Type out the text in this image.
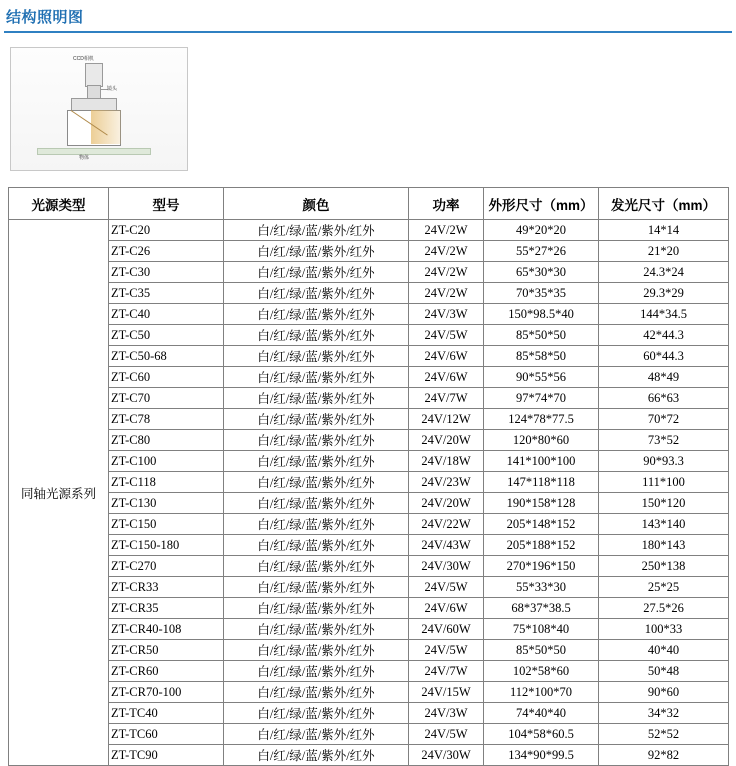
结构照明图
CCD相机
镜头
物体
光源类型	型号	颜色	功率	外形尺寸（mm）	发光尺寸（mm）
同轴光源系列	ZT-C20	白/红/绿/蓝/紫外/红外	24V/2W	49*20*20	14*14
	ZT-C26	白/红/绿/蓝/紫外/红外	24V/2W	55*27*26	21*20
	ZT-C30	白/红/绿/蓝/紫外/红外	24V/2W	65*30*30	24.3*24
	ZT-C35	白/红/绿/蓝/紫外/红外	24V/2W	70*35*35	29.3*29
	ZT-C40	白/红/绿/蓝/紫外/红外	24V/3W	150*98.5*40	144*34.5
	ZT-C50	白/红/绿/蓝/紫外/红外	24V/5W	85*50*50	42*44.3
	ZT-C50-68	白/红/绿/蓝/紫外/红外	24V/6W	85*58*50	60*44.3
	ZT-C60	白/红/绿/蓝/紫外/红外	24V/6W	90*55*56	48*49
	ZT-C70	白/红/绿/蓝/紫外/红外	24V/7W	97*74*70	66*63
	ZT-C78	白/红/绿/蓝/紫外/红外	24V/12W	124*78*77.5	70*72
	ZT-C80	白/红/绿/蓝/紫外/红外	24V/20W	120*80*60	73*52
	ZT-C100	白/红/绿/蓝/紫外/红外	24V/18W	141*100*100	90*93.3
	ZT-C118	白/红/绿/蓝/紫外/红外	24V/23W	147*118*118	111*100
	ZT-C130	白/红/绿/蓝/紫外/红外	24V/20W	190*158*128	150*120
	ZT-C150	白/红/绿/蓝/紫外/红外	24V/22W	205*148*152	143*140
	ZT-C150-180	白/红/绿/蓝/紫外/红外	24V/43W	205*188*152	180*143
	ZT-C270	白/红/绿/蓝/紫外/红外	24V/30W	270*196*150	250*138
	ZT-CR33	白/红/绿/蓝/紫外/红外	24V/5W	55*33*30	25*25
	ZT-CR35	白/红/绿/蓝/紫外/红外	24V/6W	68*37*38.5	27.5*26
	ZT-CR40-108	白/红/绿/蓝/紫外/红外	24V/60W	75*108*40	100*33
	ZT-CR50	白/红/绿/蓝/紫外/红外	24V/5W	85*50*50	40*40
	ZT-CR60	白/红/绿/蓝/紫外/红外	24V/7W	102*58*60	50*48
	ZT-CR70-100	白/红/绿/蓝/紫外/红外	24V/15W	112*100*70	90*60
	ZT-TC40	白/红/绿/蓝/紫外/红外	24V/3W	74*40*40	34*32
	ZT-TC60	白/红/绿/蓝/紫外/红外	24V/5W	104*58*60.5	52*52
	ZT-TC90	白/红/绿/蓝/紫外/红外	24V/30W	134*90*99.5	92*82
